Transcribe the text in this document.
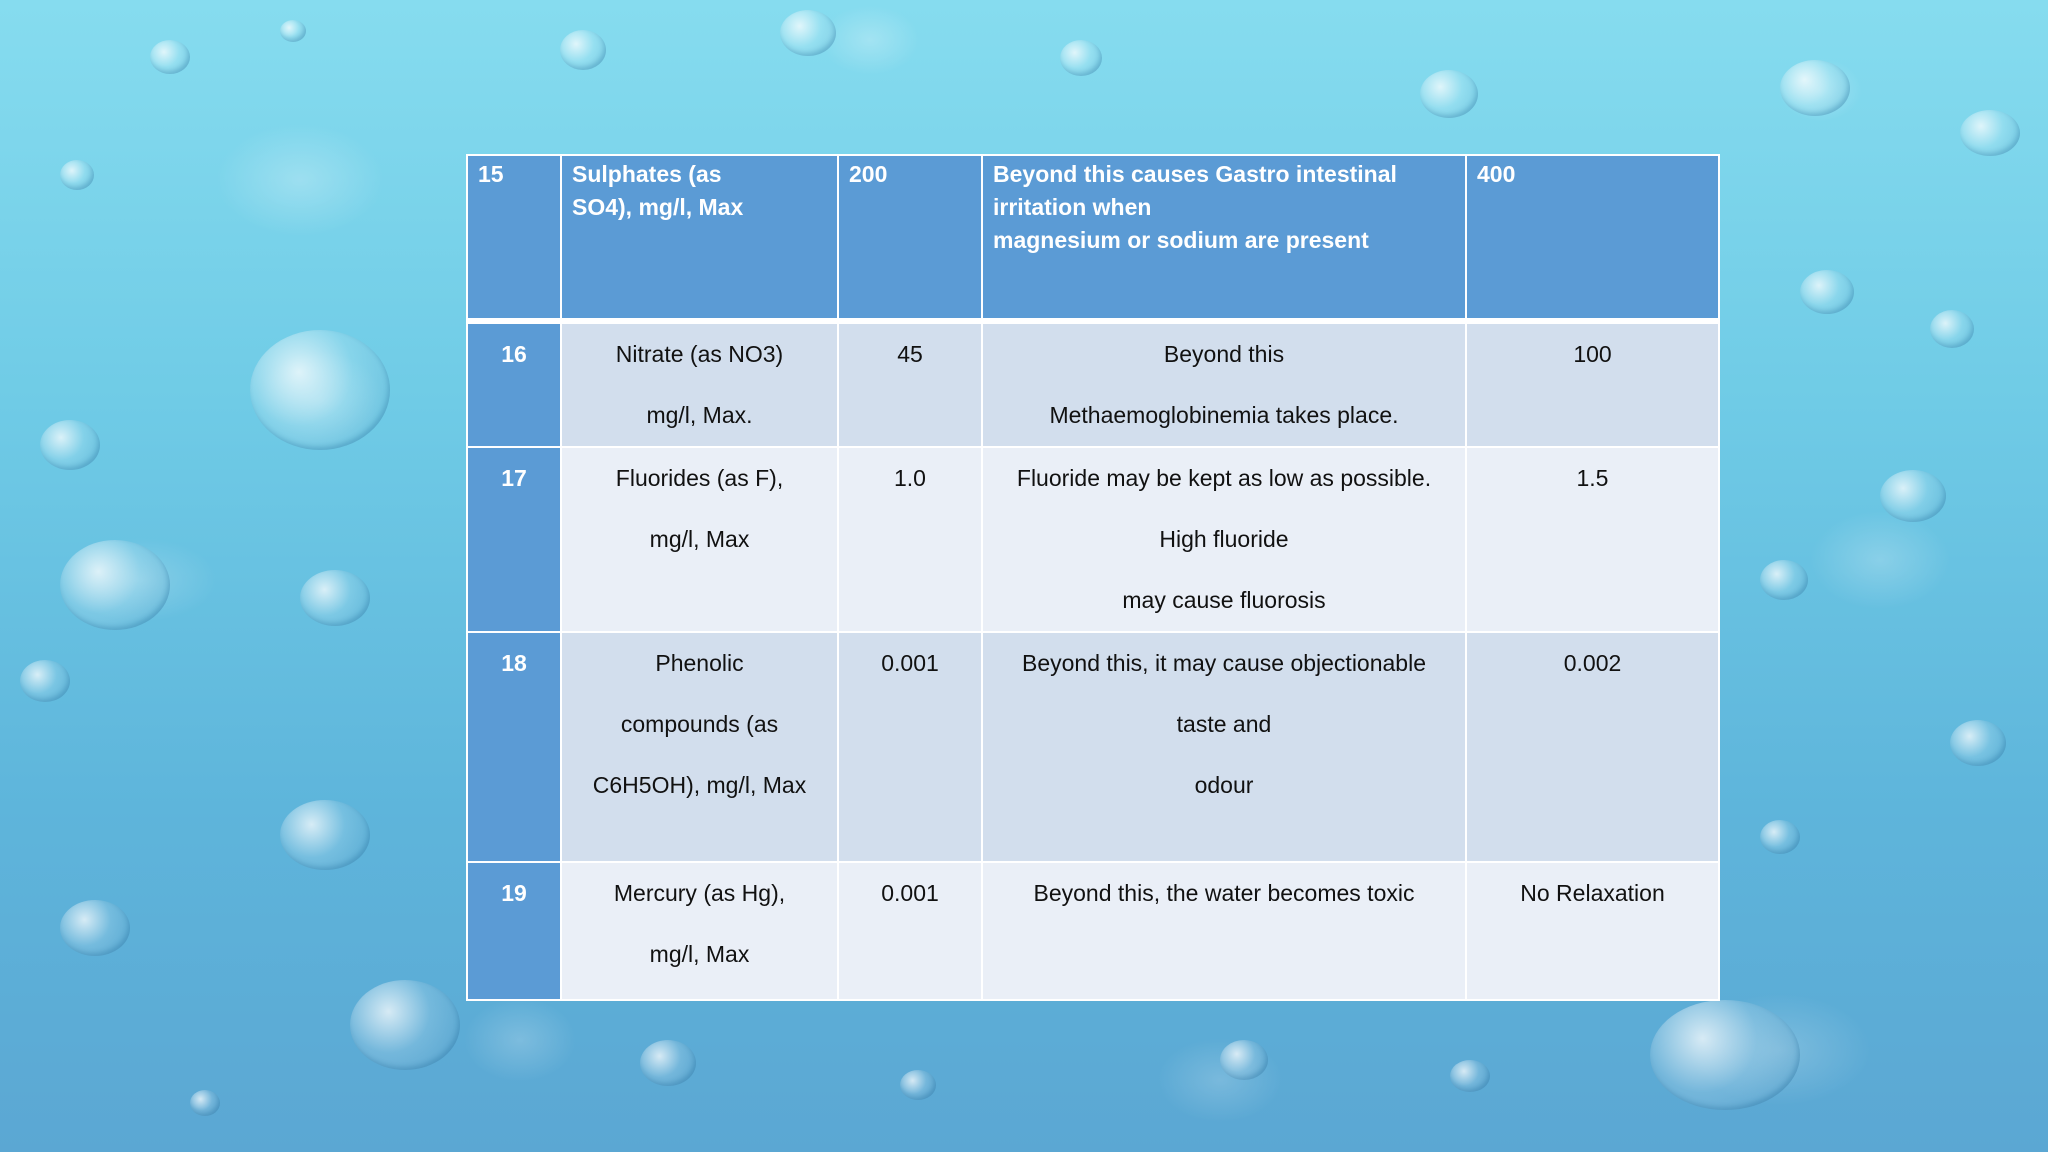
15	Sulphates (as
SO4), mg/l, Max	200	Beyond this causes Gastro intestinal
irritation when
magnesium or sodium are present	400

16	Nitrate (as NO3)
mg/l, Max.	45	Beyond this
Methaemoglobinemia takes place.	100
17	Fluorides (as F),
mg/l, Max	1.0	Fluoride may be kept as low as possible.
High fluoride
may cause fluorosis	1.5
18	Phenolic
compounds (as
C6H5OH), mg/l, Max	0.001	Beyond this, it may cause objectionable
taste and
odour	0.002
19	Mercury (as Hg),
mg/l, Max	0.001	Beyond this, the water becomes toxic	No Relaxation
